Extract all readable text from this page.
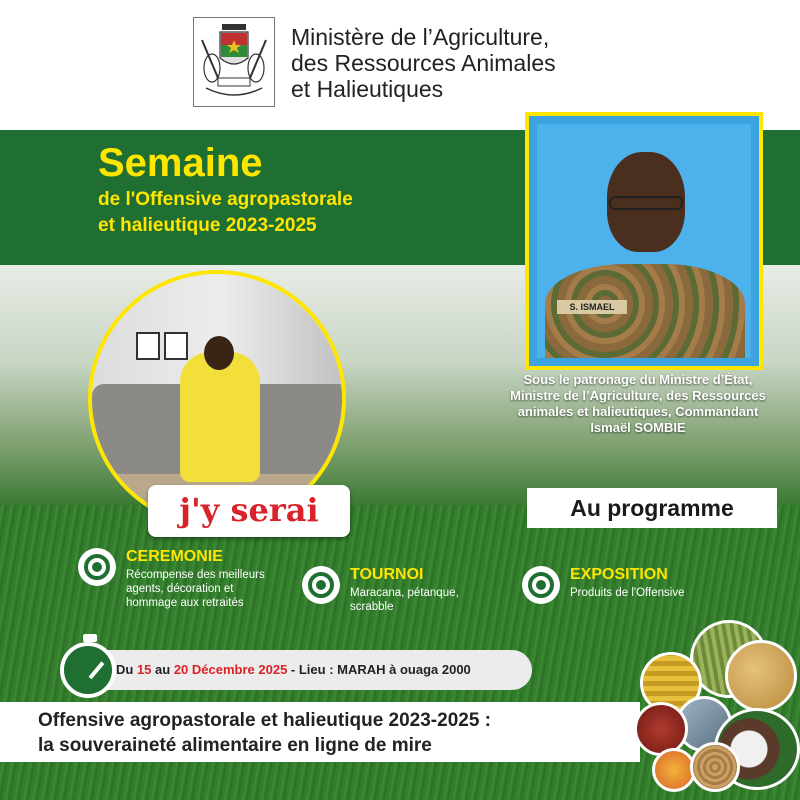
Ministère de l’Agriculture,
des Ressources Animales
et Halieutiques
Semaine
de l'Offensive agropastorale
et halieutique 2023-2025
S. ISMAEL
Sous le patronage du Ministre d’État,
Ministre de l’Agriculture, des Ressources
animales et halieutiques, Commandant
Ismaël SOMBIE
j'y serai	Au programme
CEREMONIE
Récompense des meilleurs
agents, décoration et
hommage aux retraités
TOURNOI
Maracana, pétanque,
scrabble
EXPOSITION
Produits de l'Offensive
Du 15 au 20 Décembre 2025 - Lieu : MARAH à ouaga 2000
Offensive agropastorale et halieutique 2023-2025 :
la souveraineté alimentaire en ligne de mire
